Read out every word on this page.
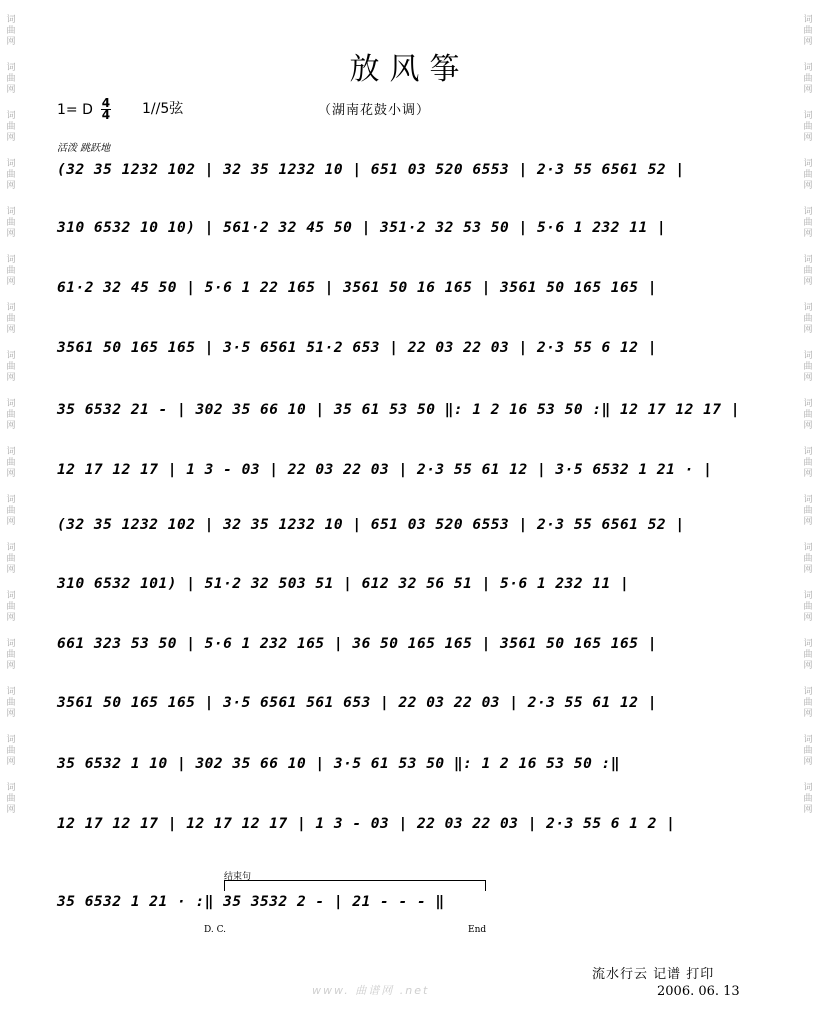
词
曲
网
词
曲
网
词
曲
网
词
曲
网
词
曲
网
词
曲
网
词
曲
网
词
曲
网
词
曲
网
词
曲
网
词
曲
网
词
曲
网
词
曲
网
词
曲
网
词
曲
网
词
曲
网
词
曲
网
词
曲
网
词
曲
网
词
曲
网
词
曲
网
词
曲
网
词
曲
网
词
曲
网
词
曲
网
词
曲
网
词
曲
网
词
曲
网
词
曲
网
词
曲
网
词
曲
网
词
曲
网
词
曲
网
词
曲
网
放风筝
1= D $\frac{4}{4} 1//5$弦	（湖南花鼓小调）
活泼 跳跃地
(32 35 1232 102 | 32 35 1232 10 | 651 03 520 6553 | 2·3 55 6561 52 |
310 6532 10 10) | 561·2 32 45 50 | 351·2 32 53 50 | 5·6 1 232 11 |
61·2 32 45 50 | 5·6 1 22 165 | 3561 50 16 165 | 3561 50 165 165 |
3561 50 165 165 | 3·5 6561 51·2 653 | 22 03 22 03 | 2·3 55 6 12 |
35 6532 21 - | 302 35 66 10 | 35 61 53 50 ‖: 1 2 16 53 50 :‖ 12 17 12 17 |
12 17 12 17 | 1 3 - 03 | 22 03 22 03 | 2·3 55 61 12 | 3·5 6532 1 21 · |
(32 35 1232 102 | 32 35 1232 10 | 651 03 520 6553 | 2·3 55 6561 52 |
310 6532 101) | 51·2 32 503 51 | 612 32 56 51 | 5·6 1 232 11 |
661 323 53 50 | 5·6 1 232 165 | 36 50 165 165 | 3561 50 165 165 |
3561 50 165 165 | 3·5 6561 561 653 | 22 03 22 03 | 2·3 55 61 12 |
35 6532 1 10 | 302 35 66 10 | 3·5 61 53 50 ‖: 1 2 16 53 50 :‖
12 17 12 17 | 12 17 12 17 | 1 3 - 03 | 22 03 22 03 | 2·3 55 6 1 2 |
35 6532 1 21 · :‖ 35 3532 2 - | 21 - - - ‖
结束句
D. C.	End
www. 曲谱网 .net
流水行云 记谱 打印
2006. 06. 13
